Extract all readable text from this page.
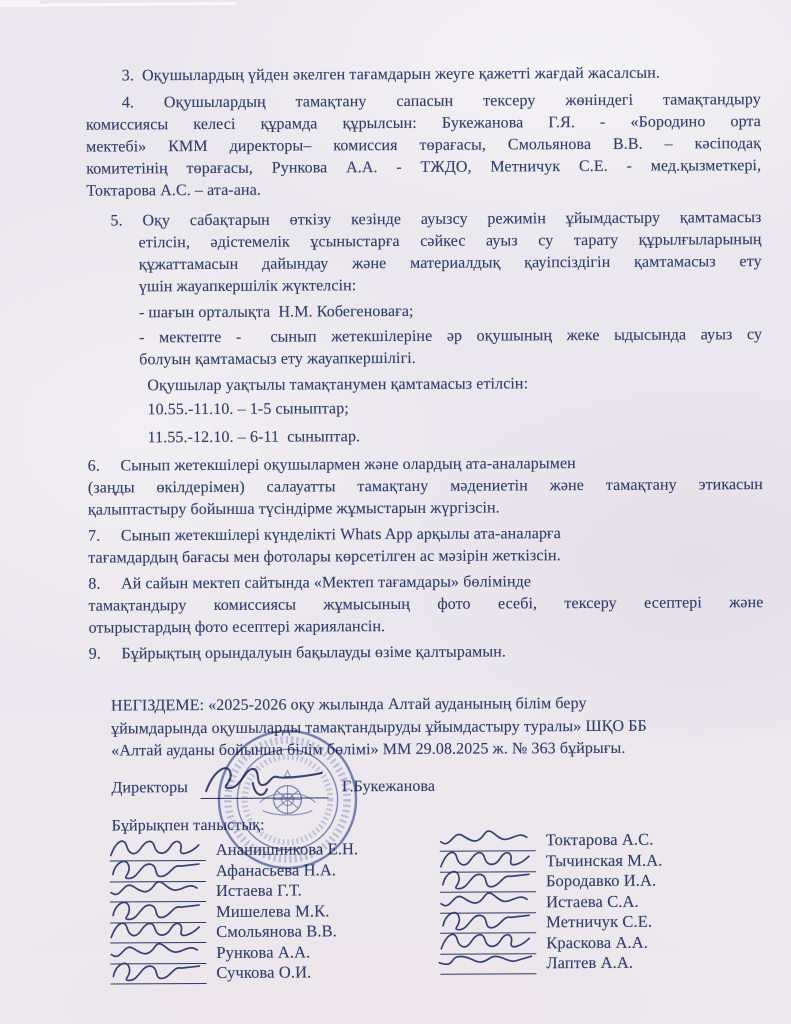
3.  Оқушылардың үйден әкелген тағамдарын жеуге қажетті жағдай жасалсын.
4. Оқушылардың тамақтану сапасын тексеру жөніндегі тамақтандыру
комиссиясы келесі құрамда құрылсын: Букежанова Г.Я. - «Бородино орта
мектебі» КММ директоры– комиссия төрағасы, Смольянова В.В. – кәсіподақ
комитетінің төрағасы, Рункова А.А. - ТЖДО, Метничук С.Е. - мед.қызметкері,
Токтарова А.С. – ата-ана.
5. Оқу сабақтарын өткізу кезінде ауызсу режимін ұйымдастыру қамтамасыз
етілсін, әдістемелік ұсыныстарға сәйкес ауыз су тарату құрылғыларының
құжаттамасын дайындау және материалдық қауіпсіздігін қамтамасыз ету
үшін жауапкершілік жүктелсін:
- шағын орталықта  Н.М. Кобегеноваға;
- мектепте -  сынып жетекшілеріне әр оқушының жеке ыдысында ауыз су
болуын қамтамасыз ету жауапкершілігі.
Оқушылар уақтылы тамақтанумен қамтамасыз етілсін:
10.55.-11.10. – 1-5 сыныптар;
11.55.-12.10. – 6-11  сыныптар.
6.     Сынып жетекшілері оқушылармен және олардың ата-аналарымен
(заңды өкілдерімен) салауатты тамақтану мәдениетін және тамақтану этикасын
қалыптастыру бойынша түсіндірме жұмыстарын жүргізсін.
7.     Сынып жетекшілері күнделікті Whats App арқылы ата-аналарға
тағамдардың бағасы мен фотолары көрсетілген ас мәзірін жеткізсін.
8.     Ай сайын мектеп сайтында «Мектеп тағамдары» бөлімінде
тамақтандыру комиссиясы жұмысының фото есебі, тексеру есептері және
отырыстардың фото есептері жариялансін.
9.     Бұйрықтың орындалуын бақылауды өзіме қалтырамын.
НЕГІЗДЕМЕ: «2025-2026 оқу жылында Алтай ауданының білім беру
ұйымдарында оқушыларды тамақтандыруды ұйымдастыру туралы» ШҚО ББ
«Алтай ауданы бойынша білім бөлімі» ММ 29.08.2025 ж. № 363 бұйрығы.
Директоры	Г.Букежанова
Бұйрықпен таныстық:
Ананишникова Е.Н.
Афанасьева Н.А.
Истаева Г.Т.
Мишелева М.К.
Смольянова В.В.
Рункова А.А.
Сучкова О.И.
Токтарова А.С.
Тычинская М.А.
Бородавко И.А.
Истаева С.А.
Метничук С.Е.
Краскова А.А.
Лаптев А.А.
